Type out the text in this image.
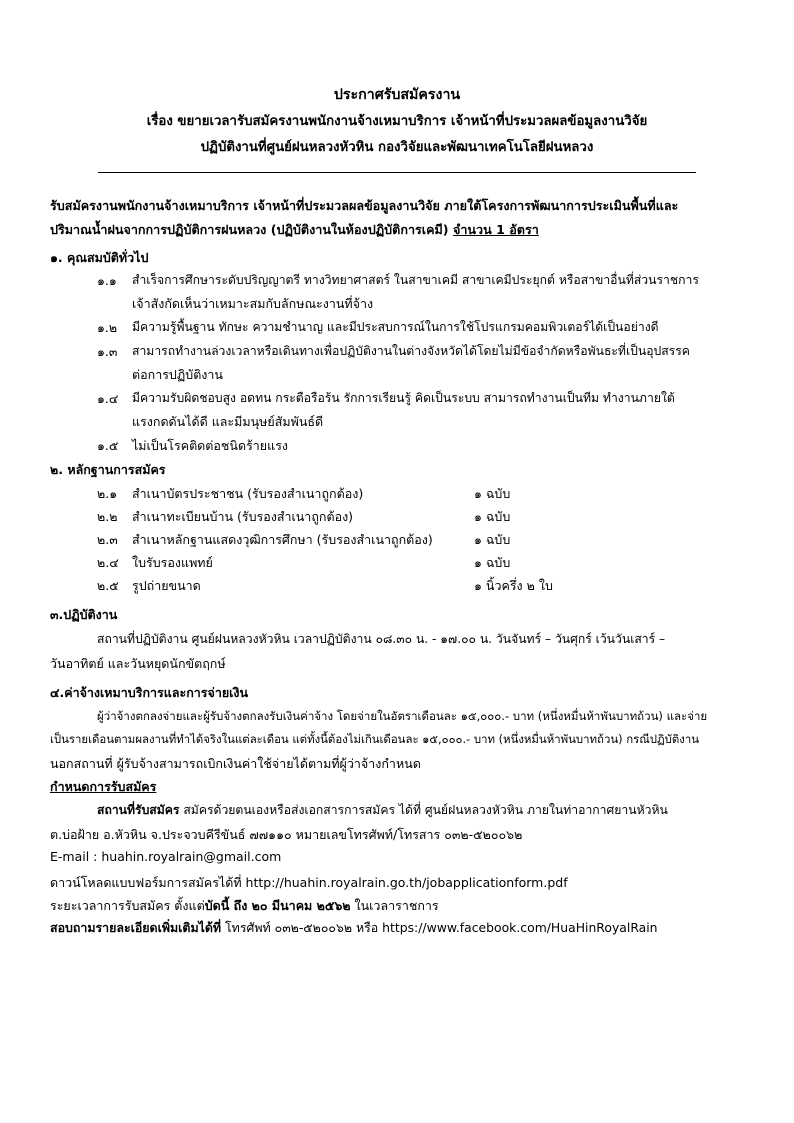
ประกาศรับสมัครงาน
เรื่อง ขยายเวลารับสมัครงานพนักงานจ้างเหมาบริการ เจ้าหน้าที่ประมวลผลข้อมูลงานวิจัย
ปฏิบัติงานที่ศูนย์ฝนหลวงหัวหิน กองวิจัยและพัฒนาเทคโนโลยีฝนหลวง
รับสมัครงานพนักงานจ้างเหมาบริการ เจ้าหน้าที่ประมวลผลข้อมูลงานวิจัย ภายใต้โครงการพัฒนาการประเมินพื้นที่และ
ปริมาณน้ำฝนจากการปฏิบัติการฝนหลวง (ปฏิบัติงานในห้องปฏิบัติการเคมี) จำนวน 1 อัตรา
๑. คุณสมบัติทั่วไป
๑.๑ สำเร็จการศึกษาระดับปริญญาตรี ทางวิทยาศาสตร์ ในสาขาเคมี สาขาเคมีประยุกต์ หรือสาขาอื่นที่ส่วนราชการ
เจ้าสังกัดเห็นว่าเหมาะสมกับลักษณะงานที่จ้าง
๑.๒ มีความรู้พื้นฐาน ทักษะ ความชำนาญ และมีประสบการณ์ในการใช้โปรแกรมคอมพิวเตอร์ได้เป็นอย่างดี
๑.๓ สามารถทำงานล่วงเวลาหรือเดินทางเพื่อปฏิบัติงานในต่างจังหวัดได้โดยไม่มีข้อจำกัดหรือพันธะที่เป็นอุปสรรค
ต่อการปฏิบัติงาน
๑.๔ มีความรับผิดชอบสูง อดทน กระตือรือร้น รักการเรียนรู้ คิดเป็นระบบ สามารถทำงานเป็นทีม ทำงานภายใต้
แรงกดดันได้ดี และมีมนุษย์สัมพันธ์ดี
๑.๕ ไม่เป็นโรคติดต่อชนิดร้ายแรง
๒. หลักฐานการสมัคร
๒.๑ สำเนาบัตรประชาชน (รับรองสำเนาถูกต้อง)	๑ ฉบับ
๒.๒ สำเนาทะเบียนบ้าน (รับรองสำเนาถูกต้อง)	๑ ฉบับ
๒.๓ สำเนาหลักฐานแสดงวุฒิการศึกษา (รับรองสำเนาถูกต้อง)	๑ ฉบับ
๒.๔ ใบรับรองแพทย์	๑ ฉบับ
๒.๕ รูปถ่ายขนาด	๑ นิ้วครึ่ง ๒ ใบ
๓.ปฏิบัติงาน
สถานที่ปฏิบัติงาน ศูนย์ฝนหลวงหัวหิน เวลาปฏิบัติงาน ๐๘.๓๐ น. - ๑๗.๐๐ น. วันจันทร์ – วันศุกร์ เว้นวันเสาร์ –
วันอาทิตย์ และวันหยุดนักขัตฤกษ์
๔.ค่าจ้างเหมาบริการและการจ่ายเงิน
ผู้ว่าจ้างตกลงจ่ายและผู้รับจ้างตกลงรับเงินค่าจ้าง โดยจ่ายในอัตราเดือนละ ๑๕,๐๐๐.- บาท (หนึ่งหมื่นห้าพันบาทถ้วน) และจ่าย
เป็นรายเดือนตามผลงานที่ทำได้จริงในแต่ละเดือน แต่ทั้งนี้ต้องไม่เกินเดือนละ ๑๕,๐๐๐.- บาท (หนึ่งหมื่นห้าพันบาทถ้วน) กรณีปฏิบัติงาน
นอกสถานที่ ผู้รับจ้างสามารถเบิกเงินค่าใช้จ่ายได้ตามที่ผู้ว่าจ้างกำหนด
กำหนดการรับสมัคร
สถานที่รับสมัคร สมัครด้วยตนเองหรือส่งเอกสารการสมัคร ได้ที่ ศูนย์ฝนหลวงหัวหิน ภายในท่าอากาศยานหัวหิน
ต.บ่อฝ้าย อ.หัวหิน จ.ประจวบคีรีขันธ์ ๗๗๑๑๐ หมายเลขโทรศัพท์/โทรสาร ๐๓๒-๕๒๐๐๖๒
E-mail : huahin.royalrain@gmail.com
ดาวน์โหลดแบบฟอร์มการสมัครได้ที่ http://huahin.royalrain.go.th/jobapplicationform.pdf
ระยะเวลาการรับสมัคร ตั้งแต่บัดนี้ ถึง ๒๐ มีนาคม ๒๕๖๒ ในเวลาราชการ
สอบถามรายละเอียดเพิ่มเติมได้ที่ โทรศัพท์ ๐๓๒-๕๒๐๐๖๒ หรือ https://www.facebook.com/HuaHinRoyalRain
